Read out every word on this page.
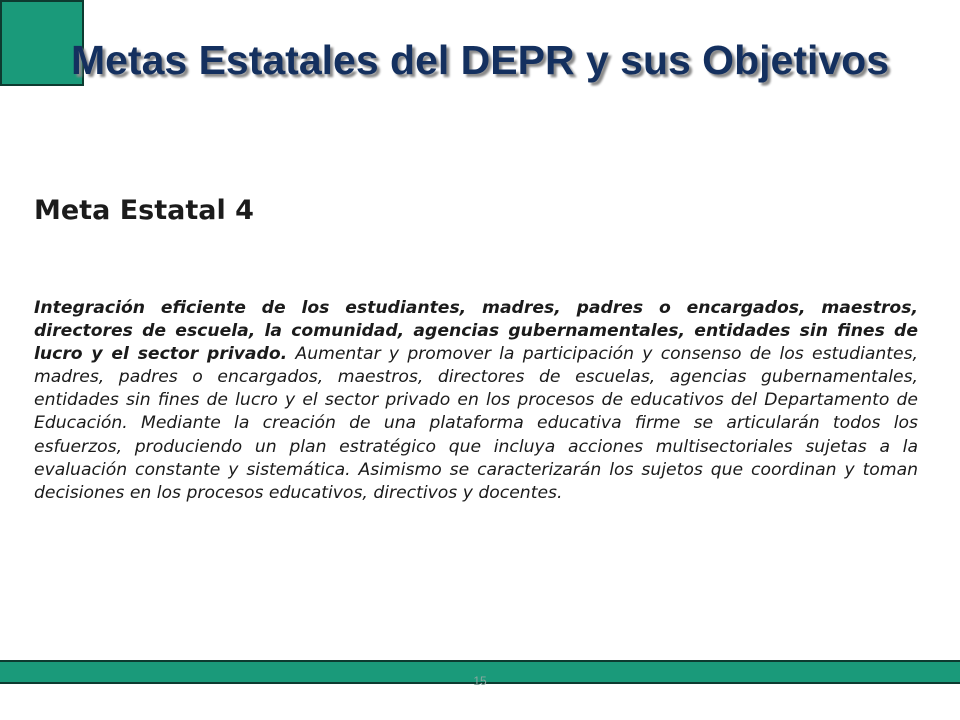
Metas Estatales del DEPR y sus Objetivos
Meta Estatal 4

Integración eficiente de los estudiantes, madres, padres o encargados, maestros, directores de escuela, la comunidad, agencias gubernamentales, entidades sin fines de lucro y el sector privado. Aumentar y promover la participación y consenso de los estudiantes, madres, padres o encargados, maestros, directores de escuelas, agencias gubernamentales, entidades sin fines de lucro y el sector privado en los procesos de educativos del Departamento de Educación. Mediante la creación de una plataforma educativa firme se articularán todos los esfuerzos, produciendo un plan estratégico que incluya acciones multisectoriales sujetas a la evaluación constante y sistemática. Asimismo se caracterizarán los sujetos que coordinan y toman decisiones en los procesos educativos, directivos y docentes.

15
